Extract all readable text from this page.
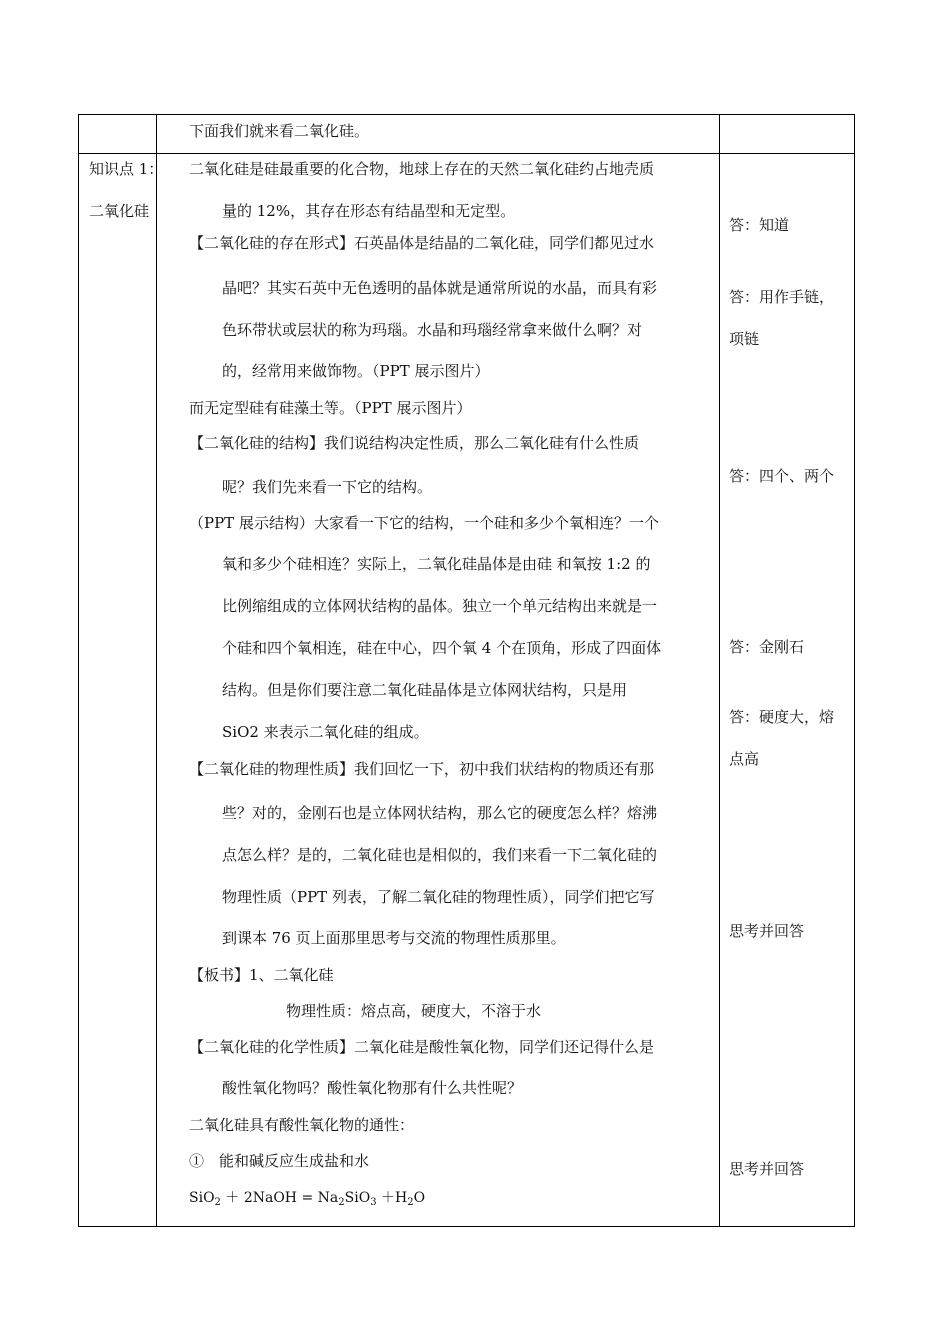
下面我们就来看二氧化硅。
知识点 1：
二氧化硅
二氧化硅是硅最重要的化合物，地球上存在的天然二氧化硅约占地壳质
量的 12%，其存在形态有结晶型和无定型。
【二氧化硅的存在形式】石英晶体是结晶的二氧化硅，同学们都见过水
晶吧？其实石英中无色透明的晶体就是通常所说的水晶，而具有彩
色环带状或层状的称为玛瑙。水晶和玛瑙经常拿来做什么啊？对
的，经常用来做饰物。（PPT 展示图片）
而无定型硅有硅藻土等。（PPT 展示图片）
【二氧化硅的结构】我们说结构决定性质，那么二氧化硅有什么性质
呢？我们先来看一下它的结构。
（PPT 展示结构）大家看一下它的结构，一个硅和多少个氧相连？一个
氧和多少个硅相连？实际上，二氧化硅晶体是由硅 和氧按 1:2 的
比例缩组成的立体网状结构的晶体。独立一个单元结构出来就是一
个硅和四个氧相连，硅在中心，四个氧 4 个在顶角，形成了四面体
结构。但是你们要注意二氧化硅晶体是立体网状结构，只是用
SiO2 来表示二氧化硅的组成。
【二氧化硅的物理性质】我们回忆一下，初中我们状结构的物质还有那
些？对的，金刚石也是立体网状结构，那么它的硬度怎么样？熔沸
点怎么样？是的，二氧化硅也是相似的，我们来看一下二氧化硅的
物理性质（PPT 列表，了解二氧化硅的物理性质），同学们把它写
到课本 76 页上面那里思考与交流的物理性质那里。
【板书】1、二氧化硅
物理性质：熔点高，硬度大，不溶于水
【二氧化硅的化学性质】二氧化硅是酸性氧化物，同学们还记得什么是
酸性氧化物吗？酸性氧化物那有什么共性呢？
二氧化硅具有酸性氧化物的通性：
①　能和碱反应生成盐和水
SiO$_2$ ＋ 2NaOH = $Na_2SiO_3 +H_2O$
答：知道
答：用作手链，
项链
答：四个、两个
答：金刚石
答：硬度大，熔
点高
思考并回答
思考并回答
